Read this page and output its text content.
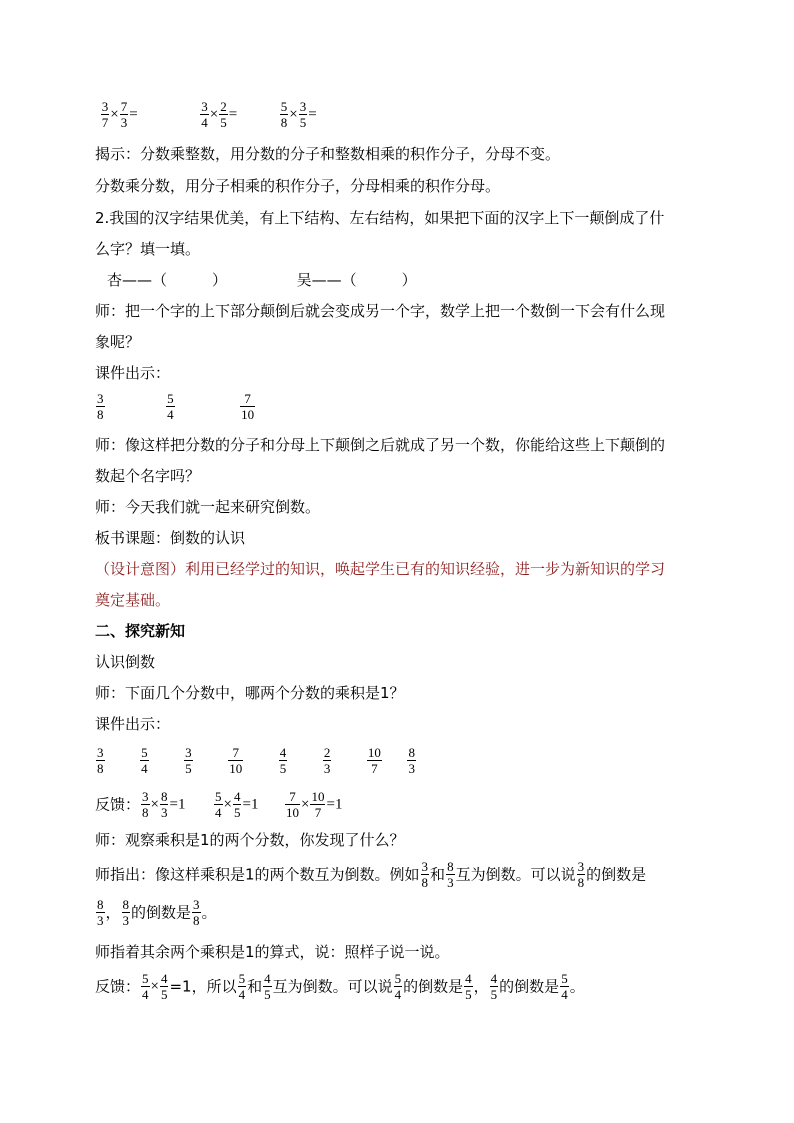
$\frac{3}{7} \times \frac{7}{3}$ =	$\frac{3}{4} \times \frac{2}{5}$ =	$\frac{5}{8} \times \frac{3}{5}$ =
揭示：分数乘整数，用分数的分子和整数相乘的积作分子，分母不变。
分数乘分数，用分子相乘的积作分子，分母相乘的积作分母。
2.我国的汉字结果优美，有上下结构、左右结构，如果把下面的汉字上下一颠倒成了什
么字？填一填。
杏——（　　　）	吴——（　　　）
师：把一个字的上下部分颠倒后就会变成另一个字，数学上把一个数倒一下会有什么现
象呢？
课件出示：
$\frac{3}{8}$
	$\frac{5}{4}$
	$\frac{7}{10}$
师：像这样把分数的分子和分母上下颠倒之后就成了另一个数，你能给这些上下颠倒的
数起个名字吗？
师：今天我们就一起来研究倒数。
板书课题：倒数的认识
（设计意图）利用已经学过的知识，唤起学生已有的知识经验，进一步为新知识的学习
奠定基础。
二、探究新知
认识倒数
师：下面几个分数中，哪两个分数的乘积是1？
课件出示：
$\frac{3}{8}$
	$\frac{5}{4}$
	$\frac{3}{5}$
	$\frac{7}{10}$
	$\frac{4}{5}$
	$\frac{2}{3}$
	$\frac{10}{7}$
$\frac{8}{3}$
反馈： $\frac{3}{8} \times \frac{8}{3} =1 \frac{5}{4} \times \frac{4}{5} =1 \frac{7}{10} \times \frac{10}{7} =1$
师：观察乘积是1的两个分数，你发现了什么？
师指出：像这样乘积是1的两个数互为倒数。例如 $\frac{3}{8}$ 和 $\frac{8}{3}$ 互为倒数。可以说 $\frac{3}{8}$ 的倒数是
$\frac{8}{3}$ ， $\frac{8}{3}$ 的倒数是 $\frac{3}{8}$ 。
师指着其余两个乘积是1的算式，说：照样子说一说。
反馈： $\frac{5}{4} \times \frac{4}{5} =1$，所以 $\frac{5}{4}$ 和 $\frac{4}{5}$ 互为倒数。可以说 $\frac{5}{4}$ 的倒数是 $\frac{4}{5}$ ， $\frac{4}{5}$ 的倒数是 $\frac{5}{4}$ 。
